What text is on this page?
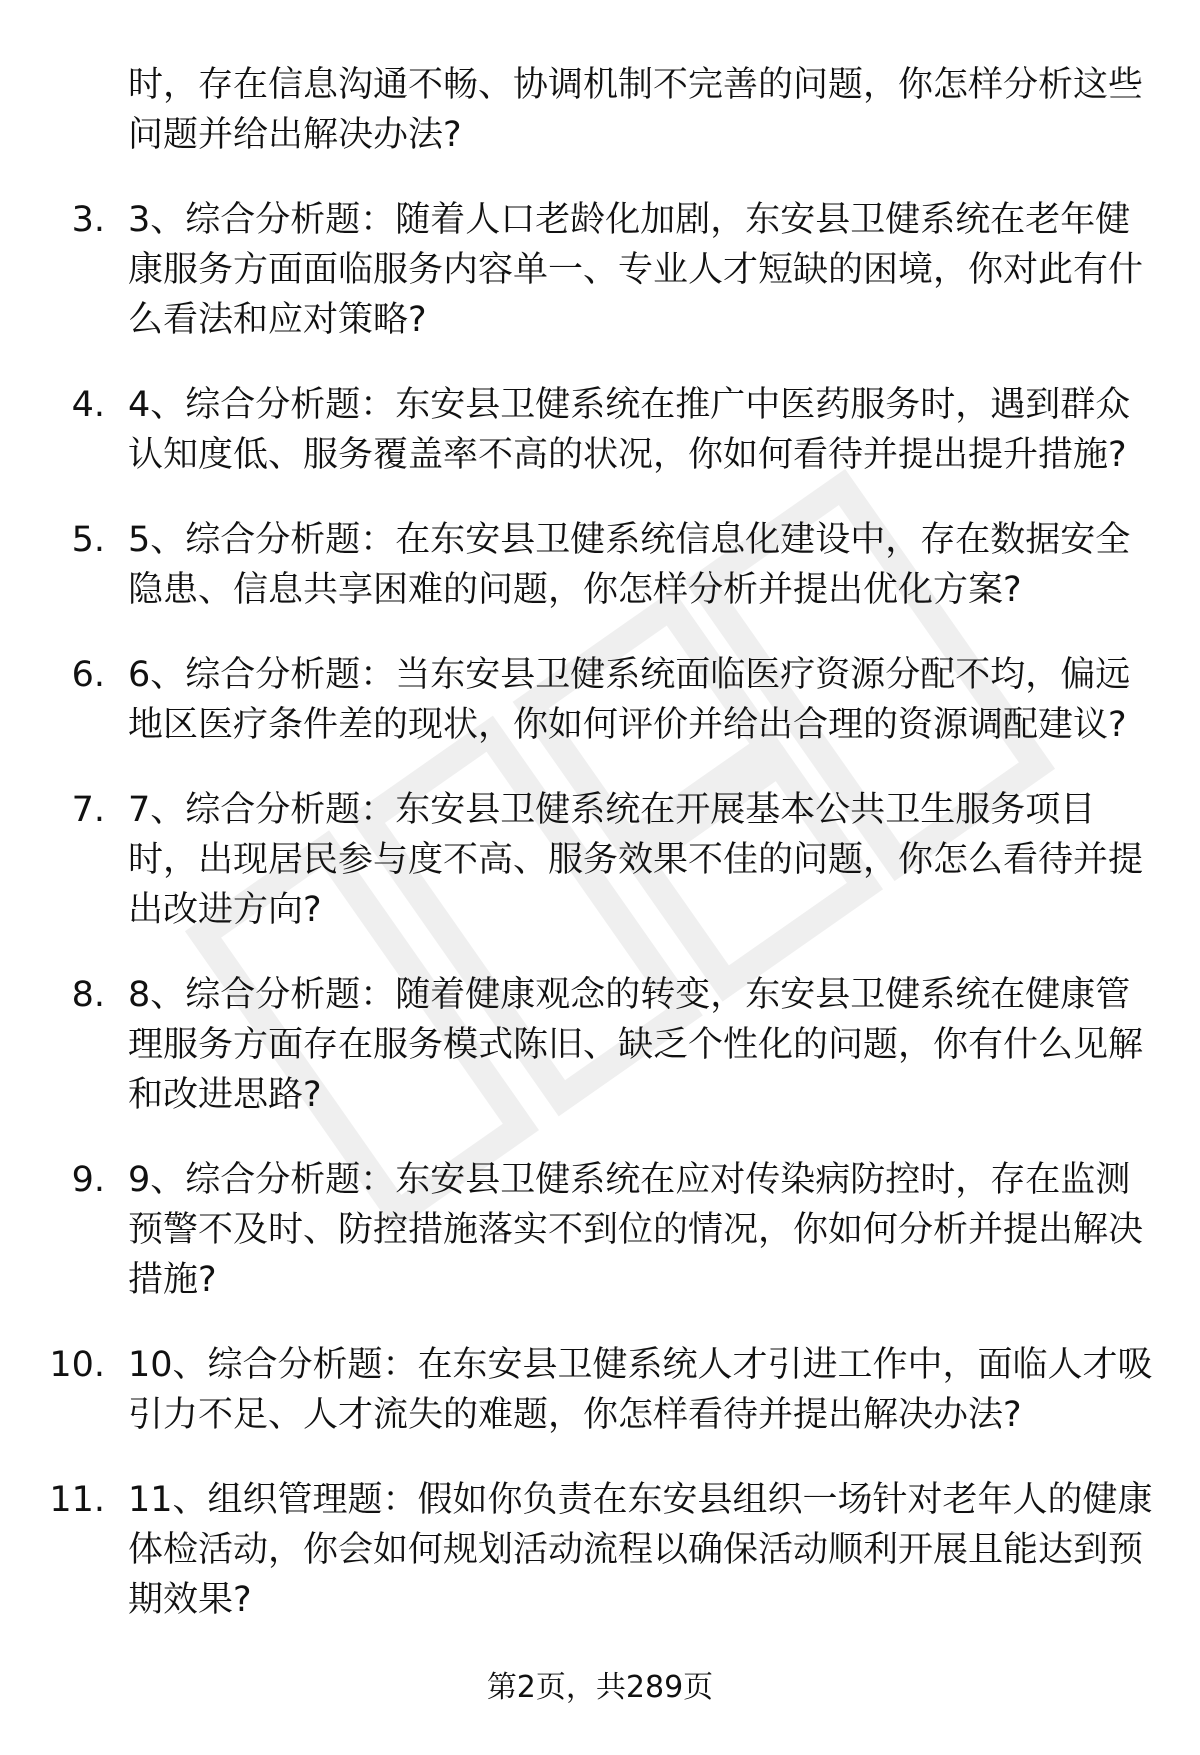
时，存在信息沟通不畅、协调机制不完善的问题，你怎样分析这些问题并给出解决办法?
3. 3、综合分析题：随着人口老龄化加剧，东安县卫健系统在老年健康服务方面面临服务内容单一、专业人才短缺的困境，你对此有什么看法和应对策略?
4. 4、综合分析题：东安县卫健系统在推广中医药服务时，遇到群众认知度低、服务覆盖率不高的状况，你如何看待并提出提升措施?
5. 5、综合分析题：在东安县卫健系统信息化建设中，存在数据安全隐患、信息共享困难的问题，你怎样分析并提出优化方案?
6. 6、综合分析题：当东安县卫健系统面临医疗资源分配不均，偏远地区医疗条件差的现状，你如何评价并给出合理的资源调配建议?
7. 7、综合分析题：东安县卫健系统在开展基本公共卫生服务项目时，出现居民参与度不高、服务效果不佳的问题，你怎么看待并提出改进方向?
8. 8、综合分析题：随着健康观念的转变，东安县卫健系统在健康管理服务方面存在服务模式陈旧、缺乏个性化的问题，你有什么见解和改进思路?
9. 9、综合分析题：东安县卫健系统在应对传染病防控时，存在监测预警不及时、防控措施落实不到位的情况，你如何分析并提出解决措施?
10. 10、综合分析题：在东安县卫健系统人才引进工作中，面临人才吸引力不足、人才流失的难题，你怎样看待并提出解决办法?
11. 11、组织管理题：假如你负责在东安县组织一场针对老年人的健康体检活动，你会如何规划活动流程以确保活动顺利开展且能达到预期效果?
第2页，共289页
